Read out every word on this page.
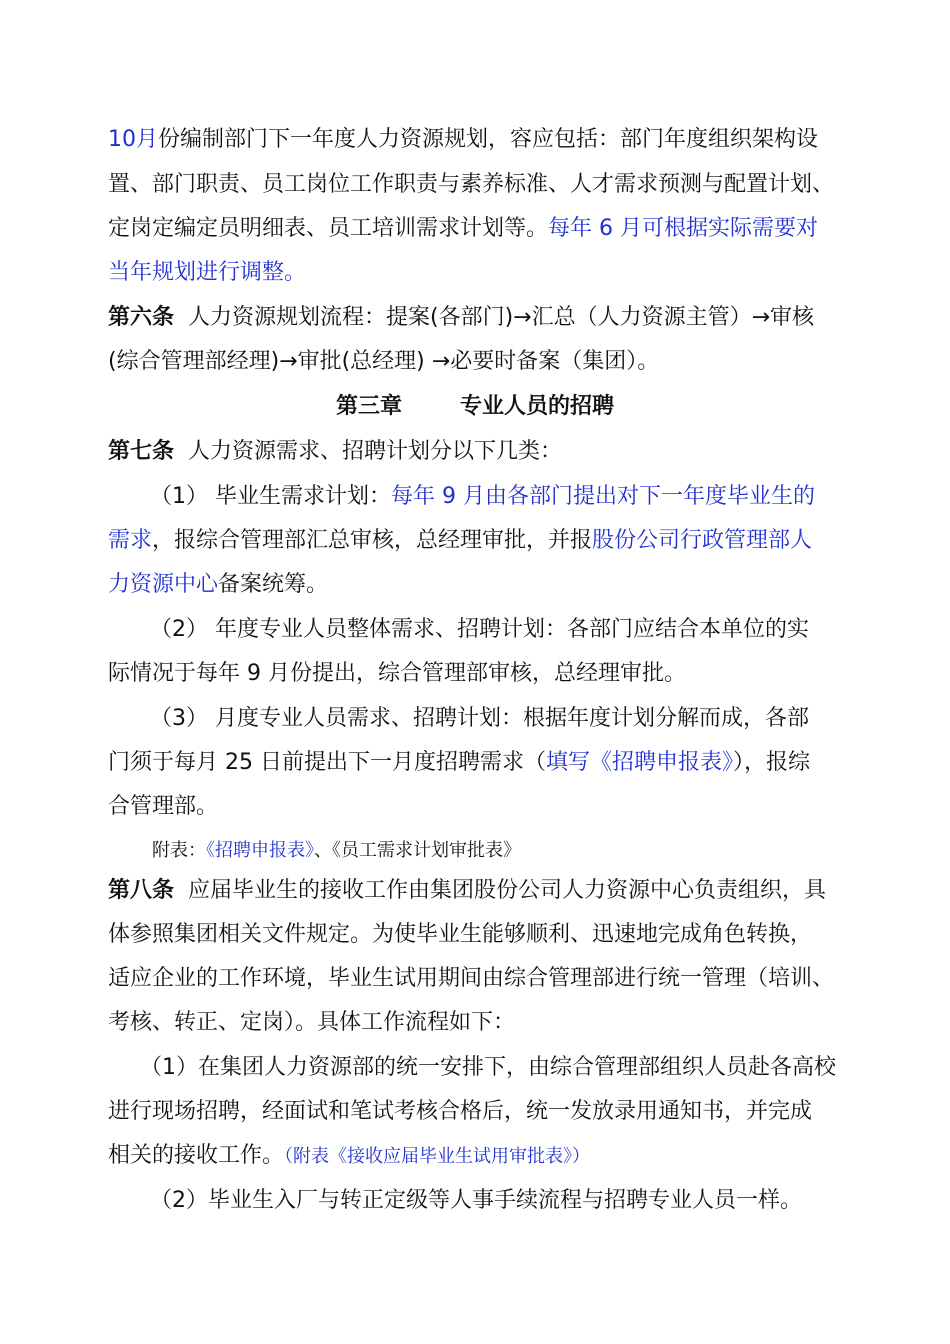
10月份编制部门下一年度人力资源规划，容应包括：部门年度组织架构设
置、部门职责、员工岗位工作职责与素养标准、人才需求预测与配置计划、
定岗定编定员明细表、员工培训需求计划等。每年 6 月可根据实际需要对
当年规划进行调整。
第六条 人力资源规划流程：提案(各部门)→汇总（人力资源主管）→审核
(综合管理部经理)→审批(总经理) →必要时备案（集团）。
第三章	专业人员的招聘
第七条 人力资源需求、招聘计划分以下几类：
（1） 毕业生需求计划：每年 9 月由各部门提出对下一年度毕业生的
需求，报综合管理部汇总审核，总经理审批，并报股份公司行政管理部人
力资源中心备案统筹。
（2） 年度专业人员整体需求、招聘计划：各部门应结合本单位的实
际情况于每年 9 月份提出，综合管理部审核，总经理审批。
（3） 月度专业人员需求、招聘计划：根据年度计划分解而成，各部
门须于每月 25 日前提出下一月度招聘需求（填写《招聘申报表》），报综
合管理部。
附表：《招聘申报表》、《员工需求计划审批表》
第八条 应届毕业生的接收工作由集团股份公司人力资源中心负责组织，具
体参照集团相关文件规定。为使毕业生能够顺利、迅速地完成角色转换，
适应企业的工作环境，毕业生试用期间由综合管理部进行统一管理（培训、
考核、转正、定岗）。具体工作流程如下：
（1）在集团人力资源部的统一安排下，由综合管理部组织人员赴各高校
进行现场招聘，经面试和笔试考核合格后，统一发放录用通知书，并完成
相关的接收工作。（附表《接收应届毕业生试用审批表》）
（2）毕业生入厂与转正定级等人事手续流程与招聘专业人员一样。
